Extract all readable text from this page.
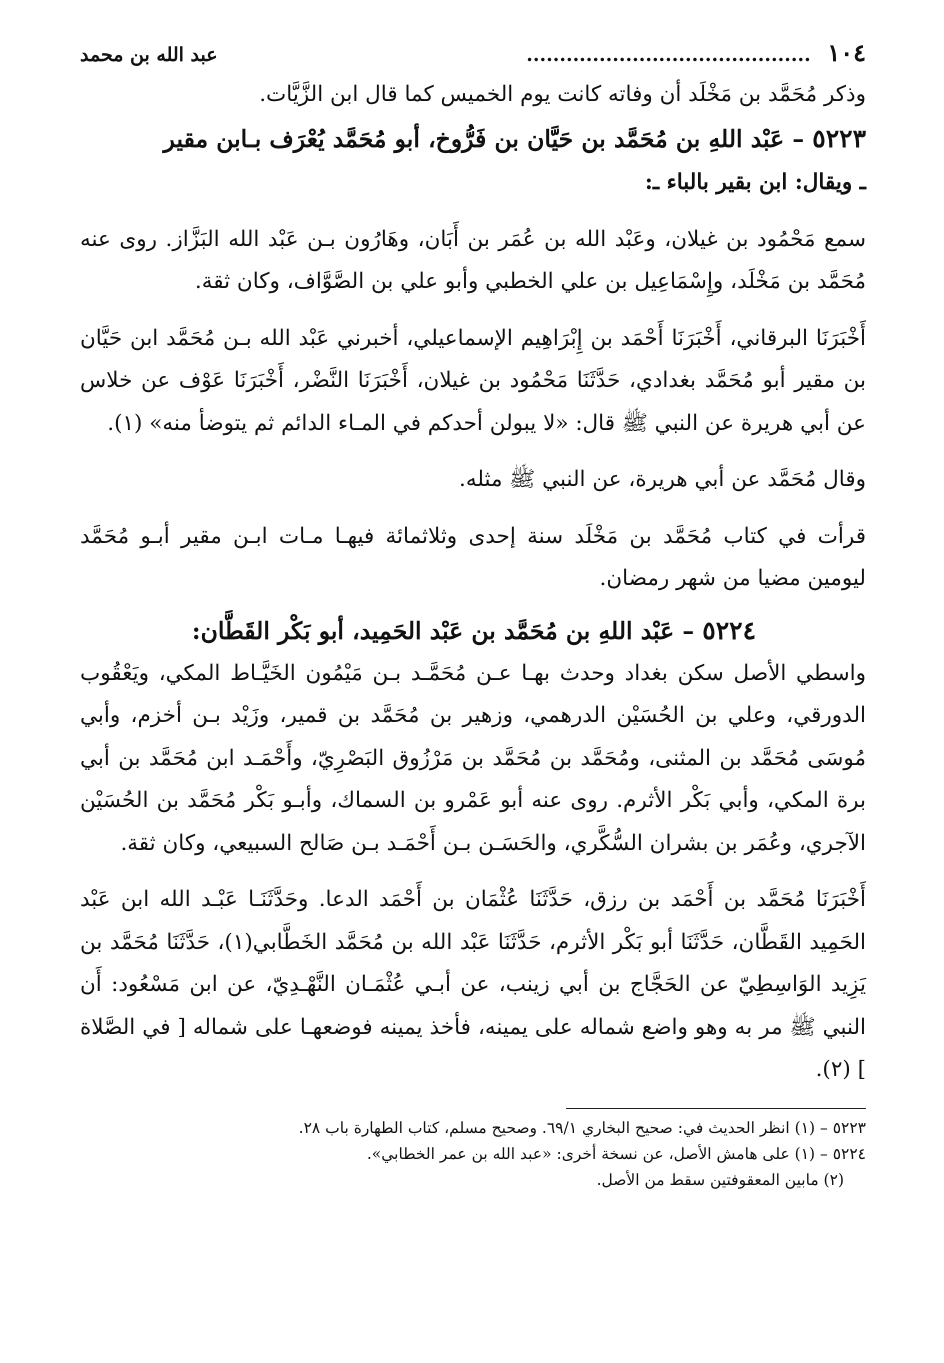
١٠٤ ...........................................
عبد الله بن محمد

وذكر مُحَمَّد بن مَخْلَد أن وفاته كانت يوم الخميس كما قال ابن الزَّيَّات.

٥٢٢٣ – عَبْد اللهِ بن مُحَمَّد بن حَيَّان بن فَرُّوخ، أبو مُحَمَّد يُعْرَف بـابن مقير

ـ ويقال: ابن بقير بالباء ـ:

سمع مَحْمُود بن غيلان، وعَبْد الله بن عُمَر بن أَبَان، وهَارُون بـن عَبْد الله البَزَّاز. روى عنه مُحَمَّد بن مَخْلَد، وإِسْمَاعِيل بن علي الخطبي وأبو علي بن الصَّوَّاف، وكان ثقة.

أَخْبَرَنَا البرقاني، أَخْبَرَنَا أَحْمَد بن إِبْرَاهِيم الإسماعيلي، أخبرني عَبْد الله بـن مُحَمَّد ابن حَيَّان بن مقير أبو مُحَمَّد بغدادي، حَدَّثَنَا مَحْمُود بن غيلان، أَخْبَرَنَا النَّضْر، أَخْبَرَنَا عَوْف عن خلاس عن أبي هريرة عن النبي ﷺ قال: «لا يبولن أحدكم في المـاء الدائم ثم يتوضأ منه» (١).

وقال مُحَمَّد عن أبي هريرة، عن النبي ﷺ مثله.

قرأت في كتاب مُحَمَّد بن مَخْلَد سنة إحدى وثلاثمائة فيهـا مـات ابـن مقير أبـو مُحَمَّد ليومين مضيا من شهر رمضان.

٥٢٢٤ – عَبْد اللهِ بن مُحَمَّد بن عَبْد الحَمِيد، أبو بَكْر القَطَّان:

واسطي الأصل سكن بغداد وحدث بهـا عـن مُحَمَّـد بـن مَيْمُون الخَيَّـاط المكي، ويَعْقُوب الدورقي، وعلي بن الحُسَيْن الدرهمي، وزهير بن مُحَمَّد بن قمير، وزَيْد بـن أخزم، وأبي مُوسَى مُحَمَّد بن المثنى، ومُحَمَّد بن مُحَمَّد بن مَرْزُوق البَصْرِيّ، وأَحْمَـد ابن مُحَمَّد بن أبي برة المكي، وأبي بَكْر الأثرم. روى عنه أبو عَمْرو بن السماك، وأبـو بَكْر مُحَمَّد بن الحُسَيْن الآجري، وعُمَر بن بشران السُّكَّري، والحَسَـن بـن أَحْمَـد بـن صَالح السبيعي، وكان ثقة.

أَخْبَرَنَا مُحَمَّد بن أَحْمَد بن رزق، حَدَّثَنَا عُثْمَان بن أَحْمَد الدعا. وحَدَّثَنَـا عَبْـد الله ابن عَبْد الحَمِيد القَطَّان، حَدَّثَنَا أبو بَكْر الأثرم، حَدَّثَنَا عَبْد الله بن مُحَمَّد الخَطَّابي(١)، حَدَّثَنَا مُحَمَّد بن يَزِيد الوَاسِطِيّ عن الحَجَّاج بن أبي زينب، عن أبـي عُثْمَـان النَّهْـدِيّ، عن ابن مَسْعُود: أَن النبي ﷺ مر به وهو واضع شماله على يمينه، فأخذ يمينه فوضعهـا على شماله [ في الصَّلاة ] (٢).

٥٢٢٣ – (١) انظر الحديث في: صحيح البخاري ٦٩/١. وصحيح مسلم، كتاب الطهارة باب ٢٨.

٥٢٢٤ – (١) على هامش الأصل، عن نسخة أخرى: «عبد الله بن عمر الخطابي».

(٢) مابين المعقوفتين سقط من الأصل.
